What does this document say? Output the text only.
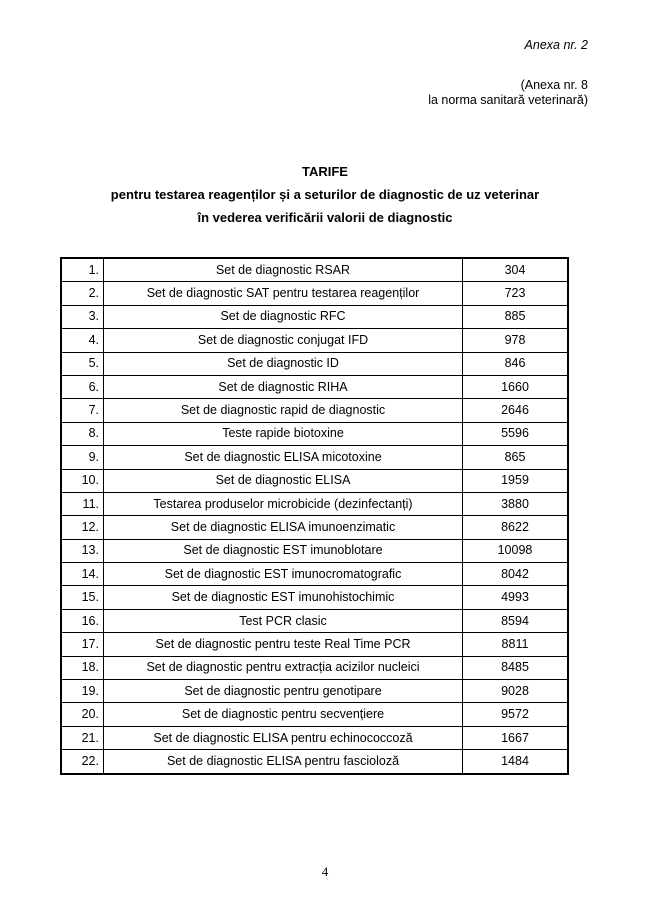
Anexa nr. 2
(Anexa nr. 8
la norma sanitară veterinară)
TARIFE
pentru testarea reagenților și a seturilor de diagnostic de uz veterinar
în vederea verificării valorii de diagnostic
1.	Set de diagnostic RSAR	304
2.	Set de diagnostic SAT pentru testarea reagenților	723
3.	Set de diagnostic RFC	885
4.	Set de diagnostic conjugat IFD	978
5.	Set de diagnostic ID	846
6.	Set de diagnostic RIHA	1660
7.	Set de diagnostic rapid de diagnostic	2646
8.	Teste rapide biotoxine	5596
9.	Set de diagnostic ELISA micotoxine	865
10.	Set de diagnostic ELISA	1959
11.	Testarea produselor microbicide (dezinfectanți)	3880
12.	Set de diagnostic ELISA imunoenzimatic	8622
13.	Set de diagnostic EST imunoblotare	10098
14.	Set de diagnostic EST imunocromatografic	8042
15.	Set de diagnostic EST imunohistochimic	4993
16.	Test PCR clasic	8594
17.	Set de diagnostic pentru teste Real Time PCR	8811
18.	Set de diagnostic pentru extracția acizilor nucleici	8485
19.	Set de diagnostic pentru genotipare	9028
20.	Set de diagnostic pentru secvențiere	9572
21.	Set de diagnostic ELISA pentru echinococcoză	1667
22.	Set de diagnostic ELISA pentru fascioloză	1484
4
